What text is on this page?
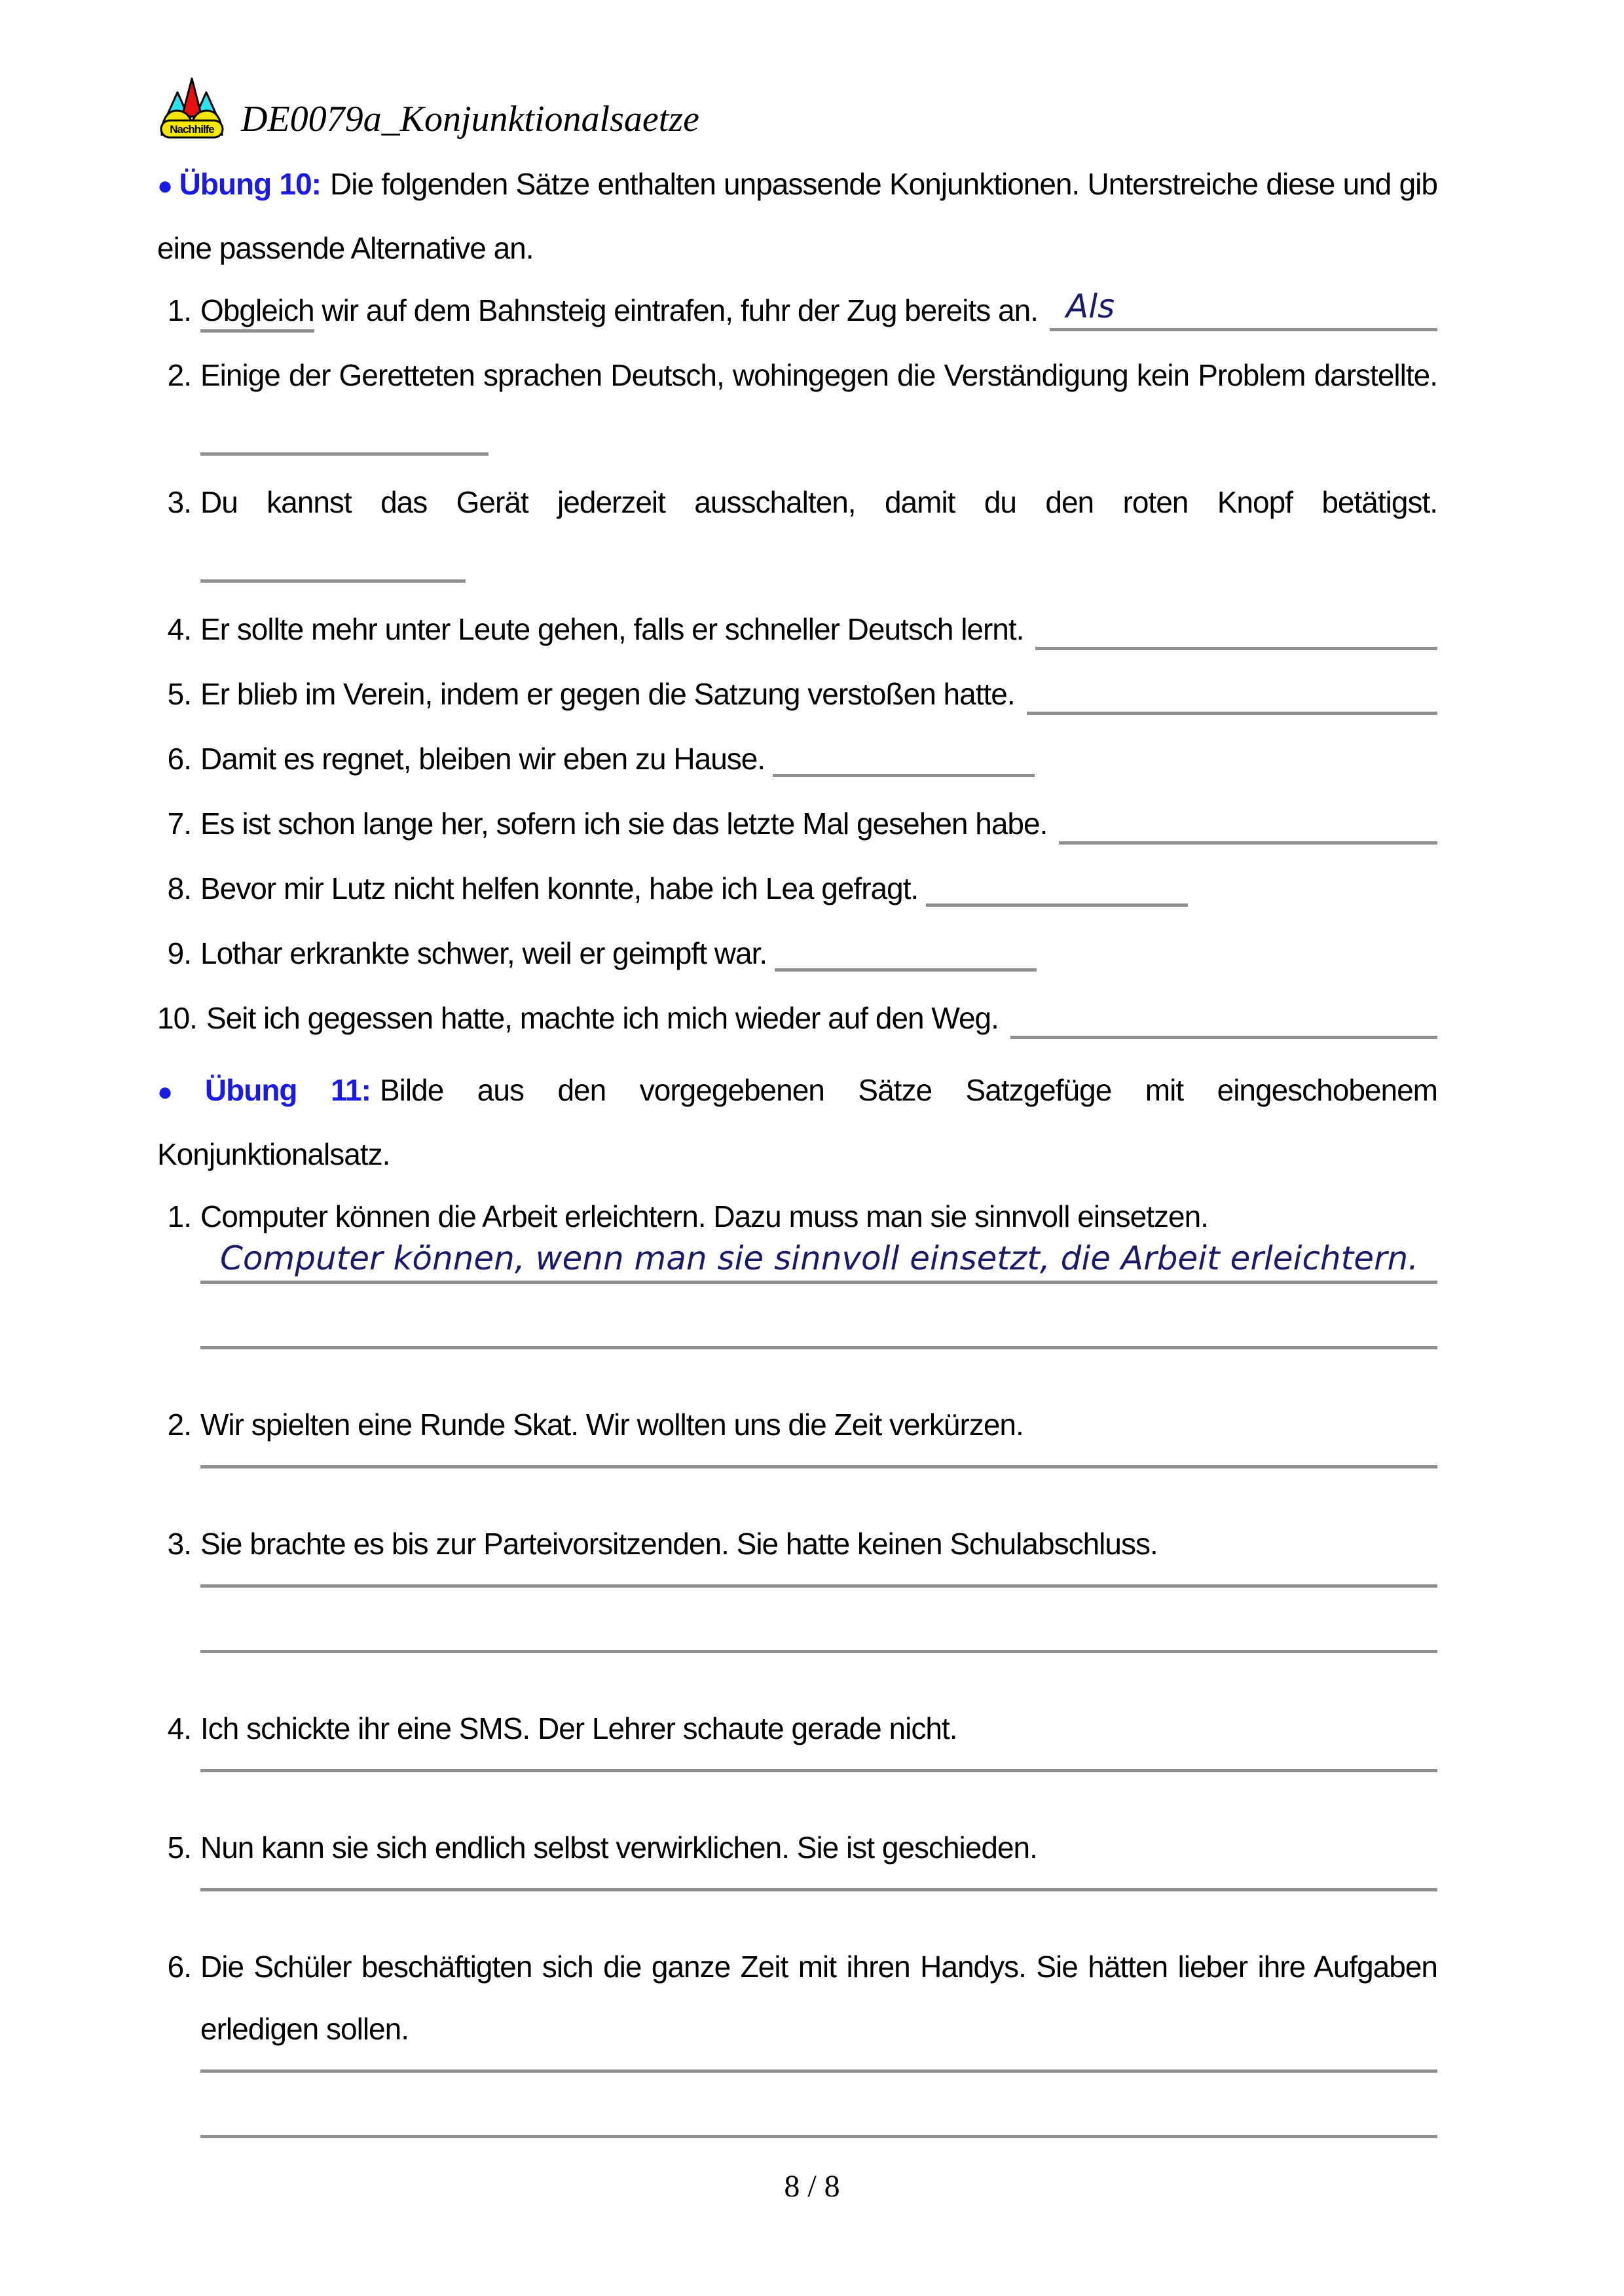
Nachhilfe DE0079a_Konjunktionalsaetze

● Übung 10: Die folgenden Sätze enthalten unpassende Konjunktionen. Unterstreiche diese und gib eine passende Alternative an.

1. Obgleich wir auf dem Bahnsteig eintrafen, fuhr der Zug bereits an. Als
2. Einige der Geretteten sprachen Deutsch, wohingegen die Verständigung kein Problem darstellte.
3. Du kannst das Gerät jederzeit ausschalten, damit du den roten Knopf betätigst.
4. Er sollte mehr unter Leute gehen, falls er schneller Deutsch lernt.
5. Er blieb im Verein, indem er gegen die Satzung verstoßen hatte.
6. Damit es regnet, bleiben wir eben zu Hause.
7. Es ist schon lange her, sofern ich sie das letzte Mal gesehen habe.
8. Bevor mir Lutz nicht helfen konnte, habe ich Lea gefragt.
9. Lothar erkrankte schwer, weil er geimpft war.
10. Seit ich gegessen hatte, machte ich mich wieder auf den Weg.

● Übung 11: Bilde aus den vorgegebenen Sätze Satzgefüge mit eingeschobenem Konjunktionalsatz.

1. Computer können die Arbeit erleichtern. Dazu muss man sie sinnvoll einsetzen.
Computer können, wenn man sie sinnvoll einsetzt, die Arbeit erleichtern.
2. Wir spielten eine Runde Skat. Wir wollten uns die Zeit verkürzen.
3. Sie brachte es bis zur Parteivorsitzenden. Sie hatte keinen Schulabschluss.
4. Ich schickte ihr eine SMS. Der Lehrer schaute gerade nicht.
5. Nun kann sie sich endlich selbst verwirklichen. Sie ist geschieden.
6. Die Schüler beschäftigten sich die ganze Zeit mit ihren Handys. Sie hätten lieber ihre Aufgaben erledigen sollen.
8 / 8
